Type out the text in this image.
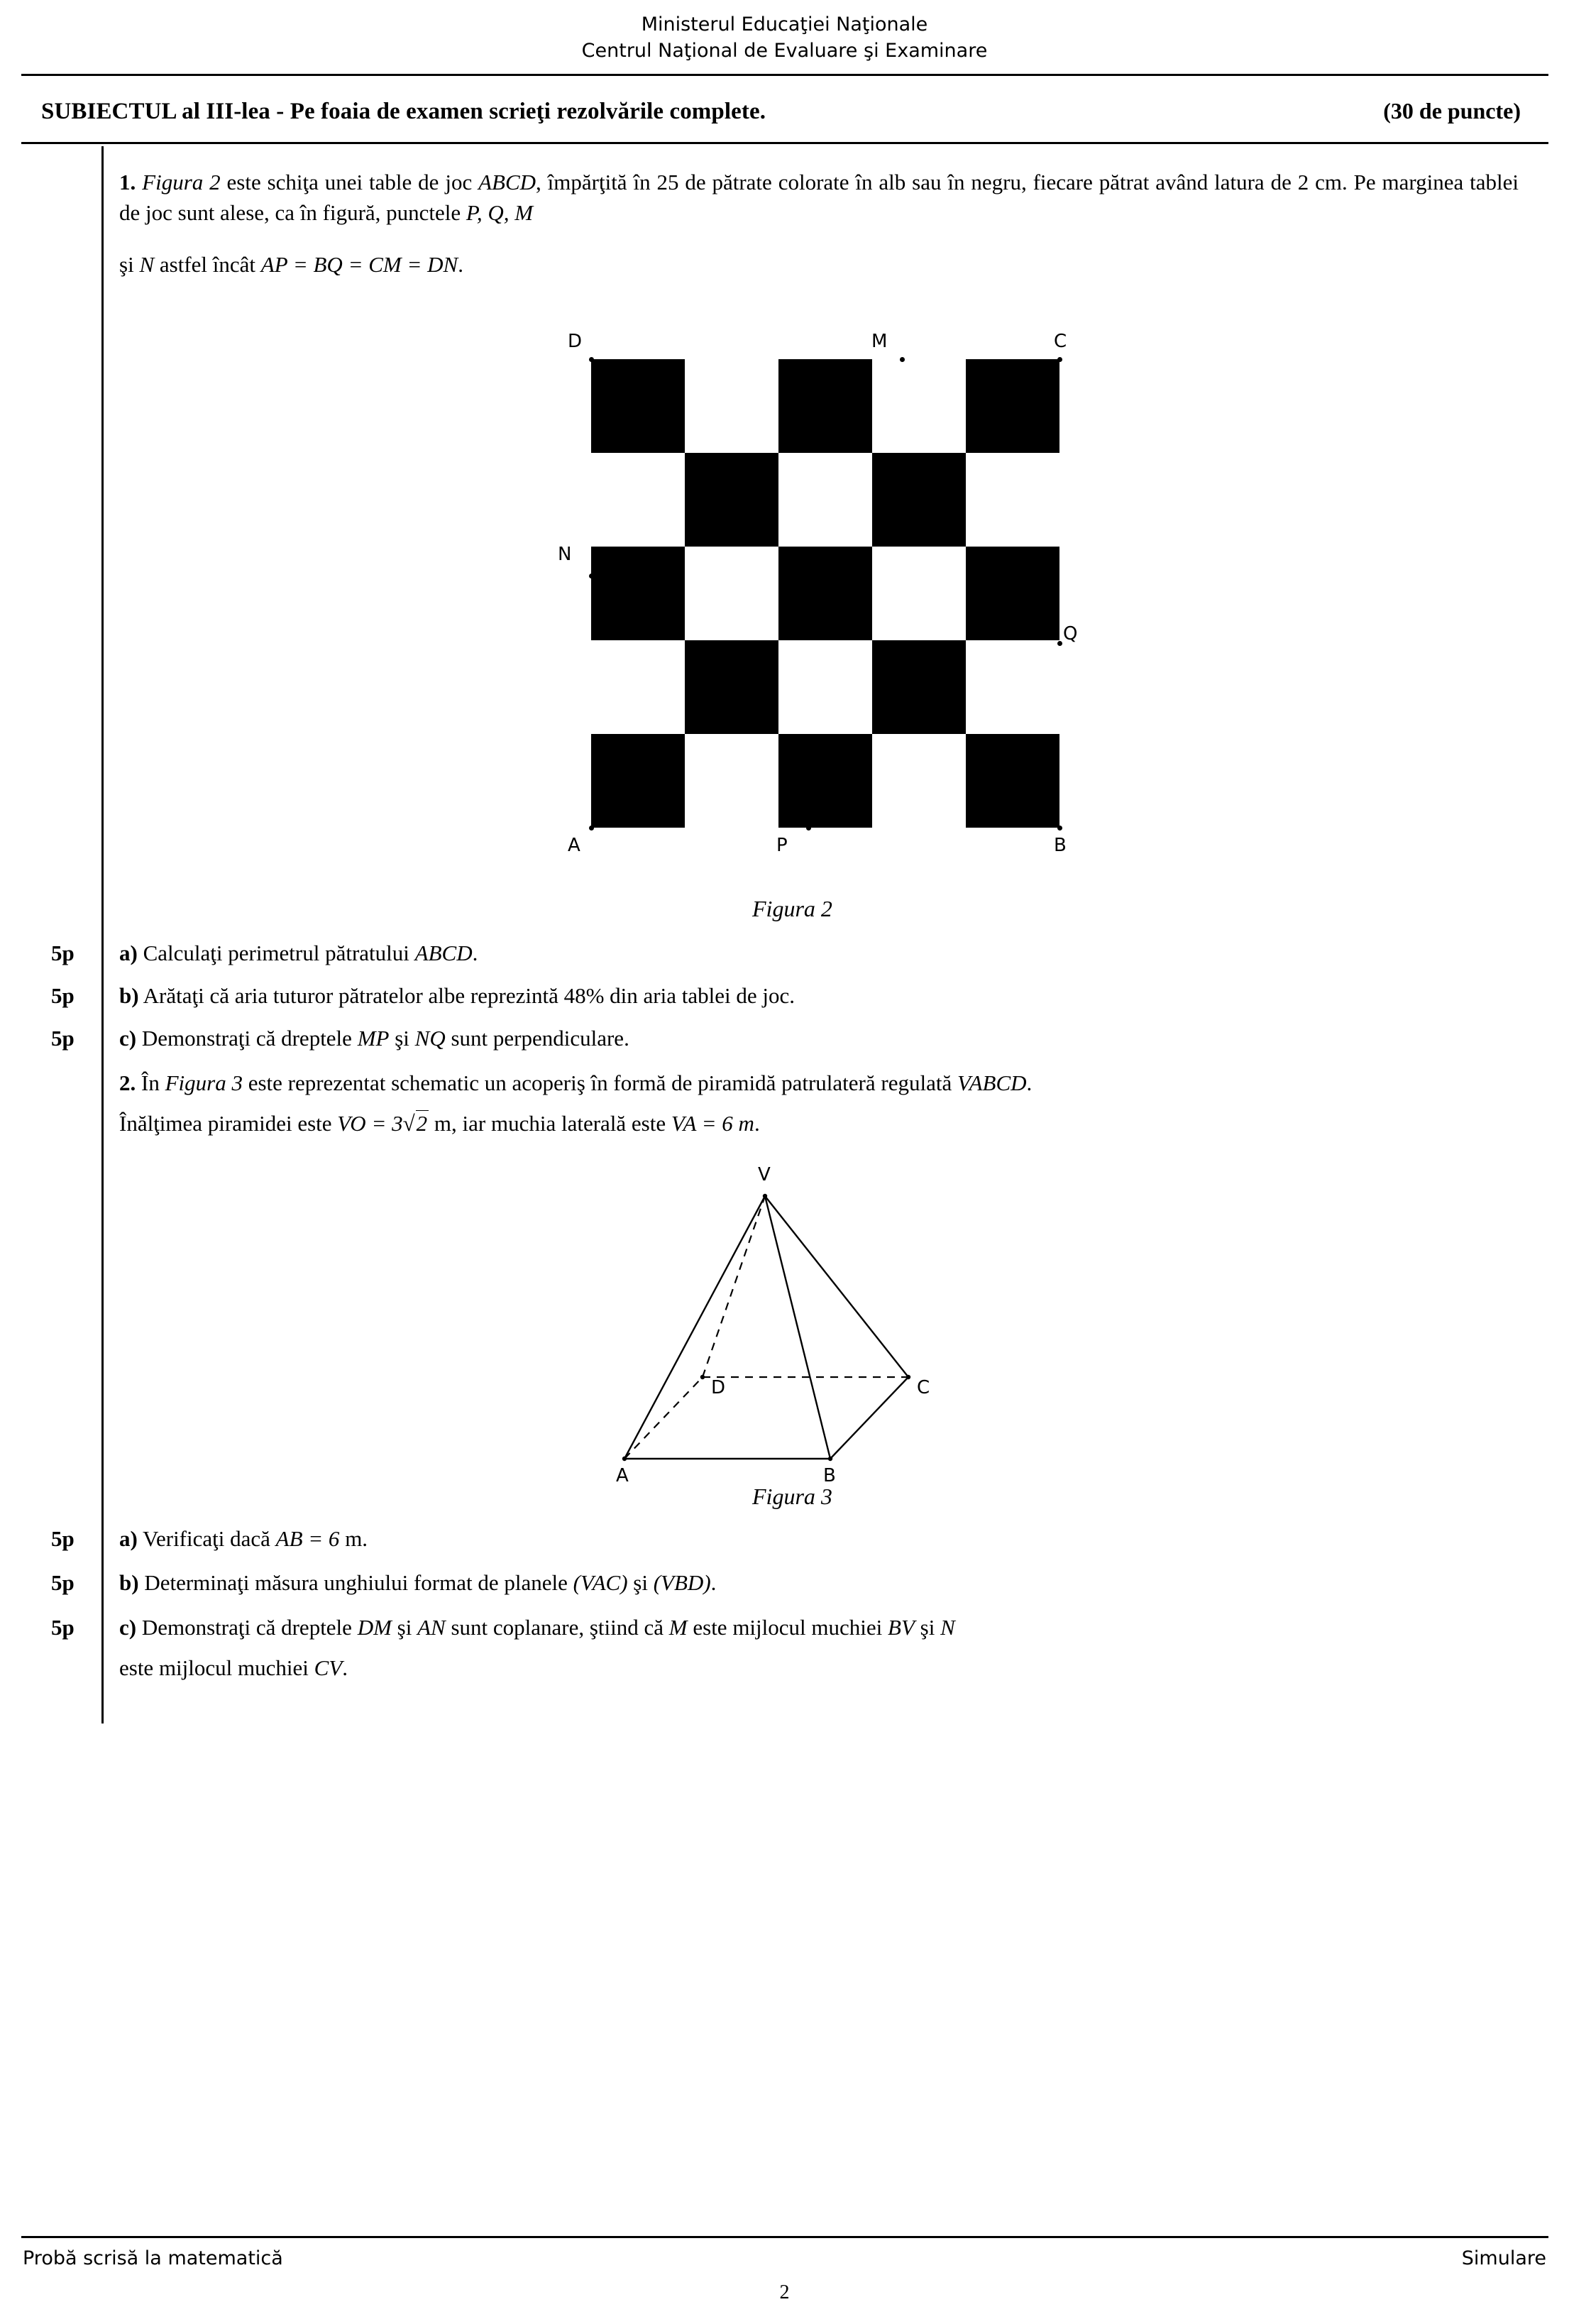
Ministerul Educaţiei Naţionale
Centrul Naţional de Evaluare şi Examinare
SUBIECTUL al III-lea - Pe foaia de examen scrieţi rezolvările complete.	(30 de puncte)
1. Figura 2 este schiţa unei table de joc ABCD, împărţită în 25 de pătrate colorate în alb sau în negru, fiecare pătrat având latura de 2 cm. Pe marginea tablei de joc sunt alese, ca în figură, punctele P, Q, M
şi N astfel încât AP = BQ = CM = DN.
D	M	C
N
Q
A	P	B
Figura 2
5p a) Calculaţi perimetrul pătratului ABCD.
5p b) Arătaţi că aria tuturor pătratelor albe reprezintă 48% din aria tablei de joc.
5p c) Demonstraţi că dreptele MP şi NQ sunt perpendiculare.
2. În Figura 3 este reprezentat schematic un acoperiş în formă de piramidă patrulateră regulată VABCD.
Înălţimea piramidei este VO = 3√2 m, iar muchia laterală este VA = 6 m.
V
D	C
A	B
Figura 3
5p a) Verificaţi dacă AB = 6 m.
5p b) Determinaţi măsura unghiului format de planele (VAC) şi (VBD).
5p c) Demonstraţi că dreptele DM şi AN sunt coplanare, ştiind că M este mijlocul muchiei BV şi N
este mijlocul muchiei CV.
Probă scrisă la matematică	Simulare
2
